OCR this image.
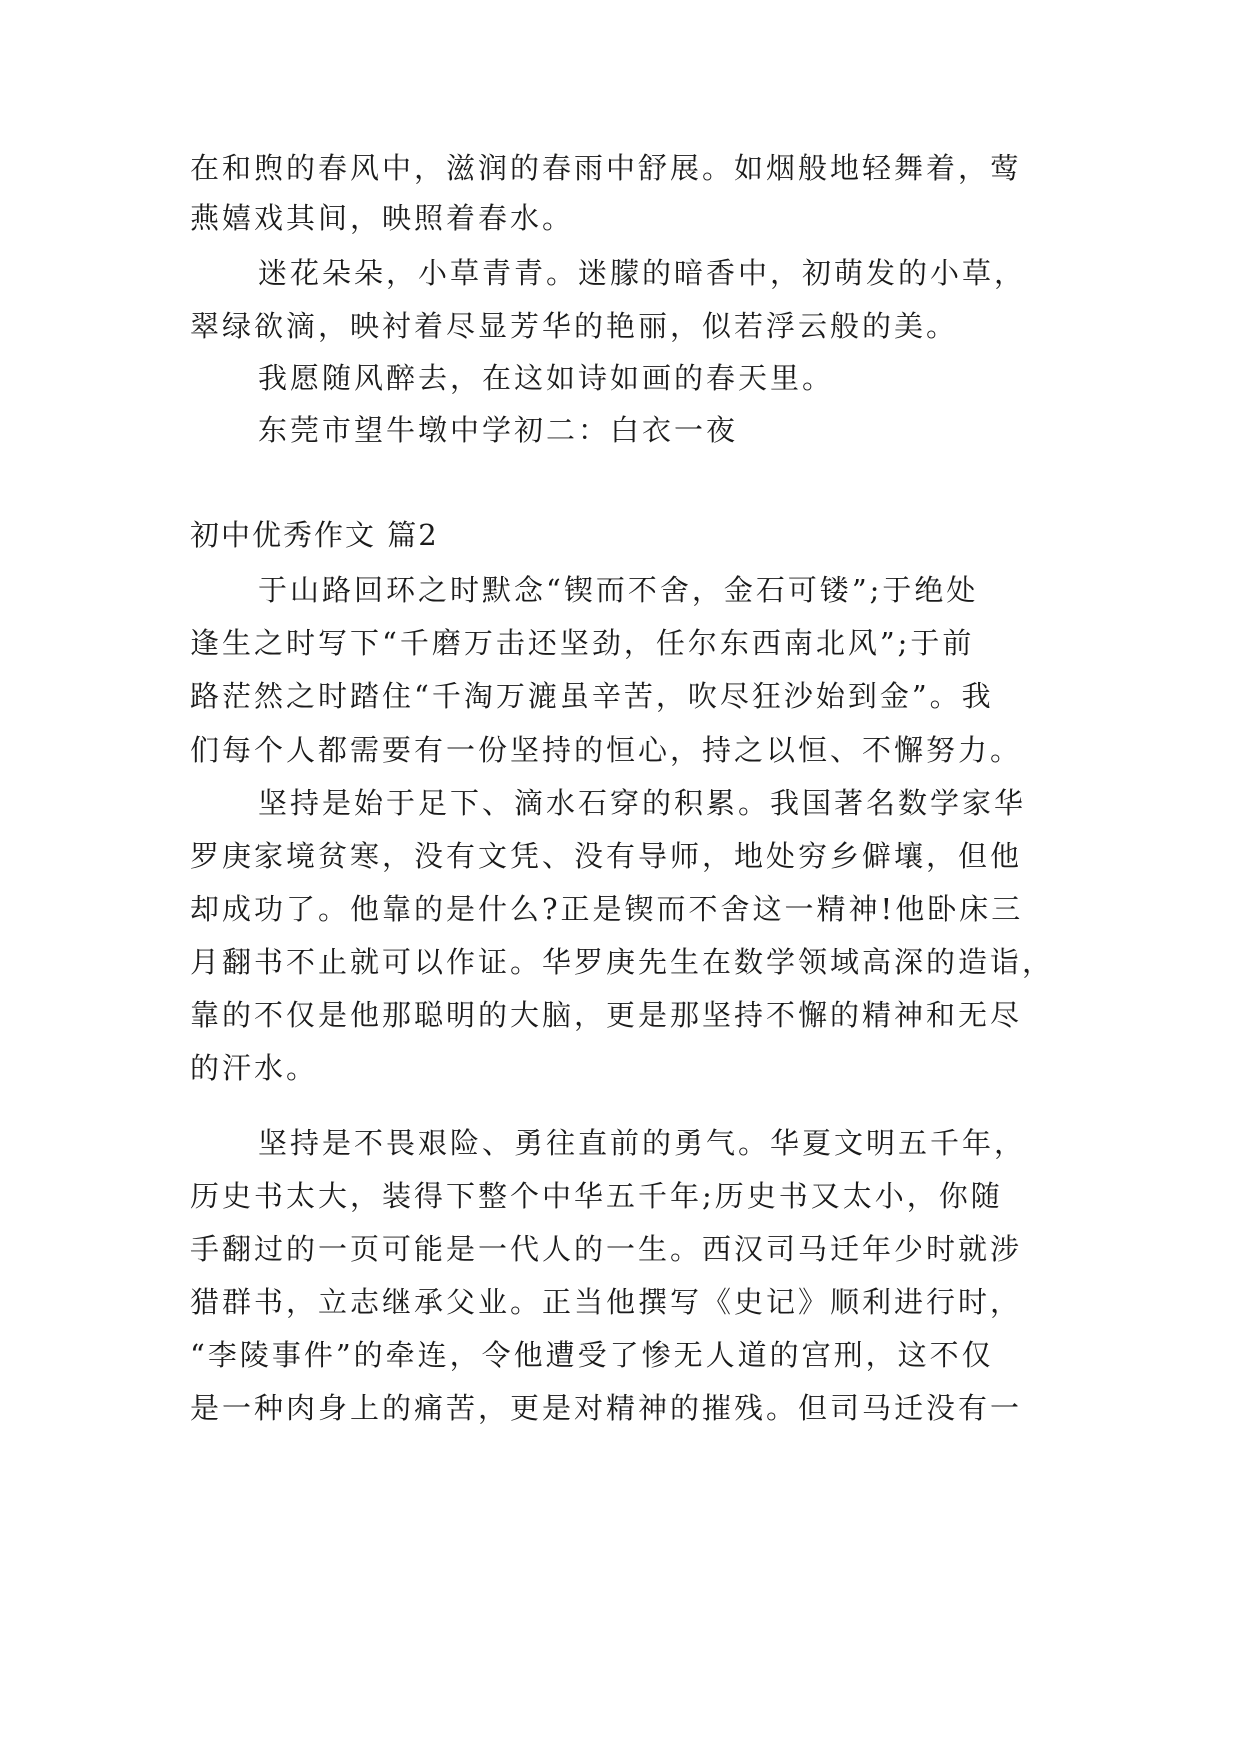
在和煦的春风中，滋润的春雨中舒展。如烟般地轻舞着，莺
燕嬉戏其间，映照着春水。
迷花朵朵，小草青青。迷朦的暗香中，初萌发的小草，
翠绿欲滴，映衬着尽显芳华的艳丽，似若浮云般的美。
我愿随风醉去，在这如诗如画的春天里。
东莞市望牛墩中学初二：白衣一夜
初中优秀作文 篇2
于山路回环之时默念“锲而不舍，金石可镂”;于绝处
逢生之时写下“千磨万击还坚劲，任尔东西南北风”;于前
路茫然之时踏住“千淘万漉虽辛苦，吹尽狂沙始到金”。我
们每个人都需要有一份坚持的恒心，持之以恒、不懈努力。
坚持是始于足下、滴水石穿的积累。我国著名数学家华
罗庚家境贫寒，没有文凭、没有导师，地处穷乡僻壤，但他
却成功了。他靠的是什么?正是锲而不舍这一精神!他卧床三
月翻书不止就可以作证。华罗庚先生在数学领域高深的造诣，
靠的不仅是他那聪明的大脑，更是那坚持不懈的精神和无尽
的汗水。
坚持是不畏艰险、勇往直前的勇气。华夏文明五千年，
历史书太大，装得下整个中华五千年;历史书又太小，你随
手翻过的一页可能是一代人的一生。西汉司马迁年少时就涉
猎群书，立志继承父业。正当他撰写《史记》顺利进行时，
“李陵事件”的牵连，令他遭受了惨无人道的宫刑，这不仅
是一种肉身上的痛苦，更是对精神的摧残。但司马迁没有一
